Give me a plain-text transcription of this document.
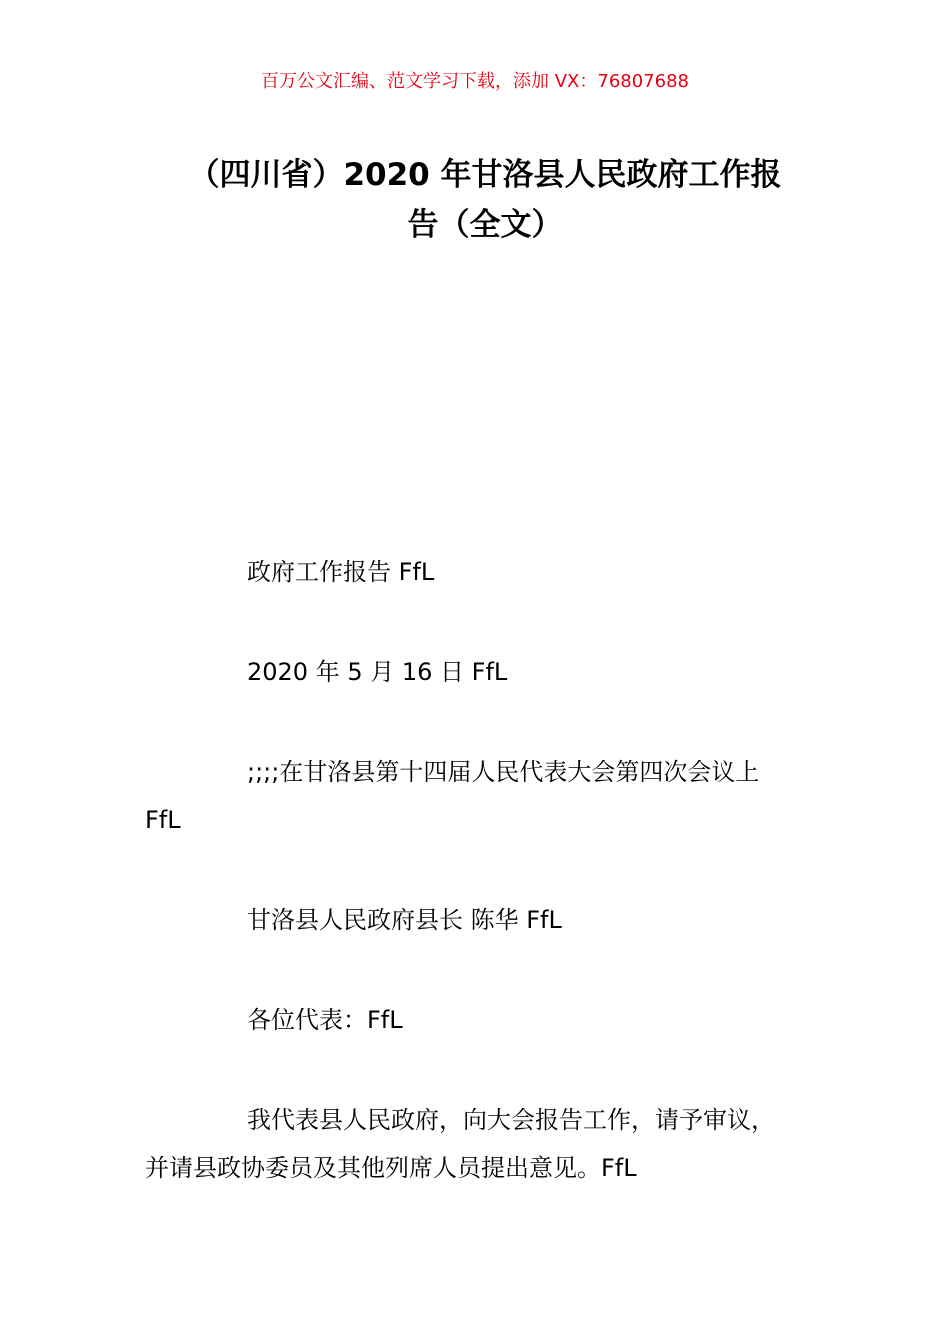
百万公文汇编、范文学习下载，添加 VX：76807688
（四川省）2020 年甘洛县人民政府工作报
告（全文）

政府工作报告 FfL

2020 年 5 月 16 日 FfL

;;;;在甘洛县第十四届人民代表大会第四次会议上

FfL

甘洛县人民政府县长 陈华 FfL

各位代表：FfL

我代表县人民政府，向大会报告工作，请予审议，

并请县政协委员及其他列席人员提出意见。FfL
